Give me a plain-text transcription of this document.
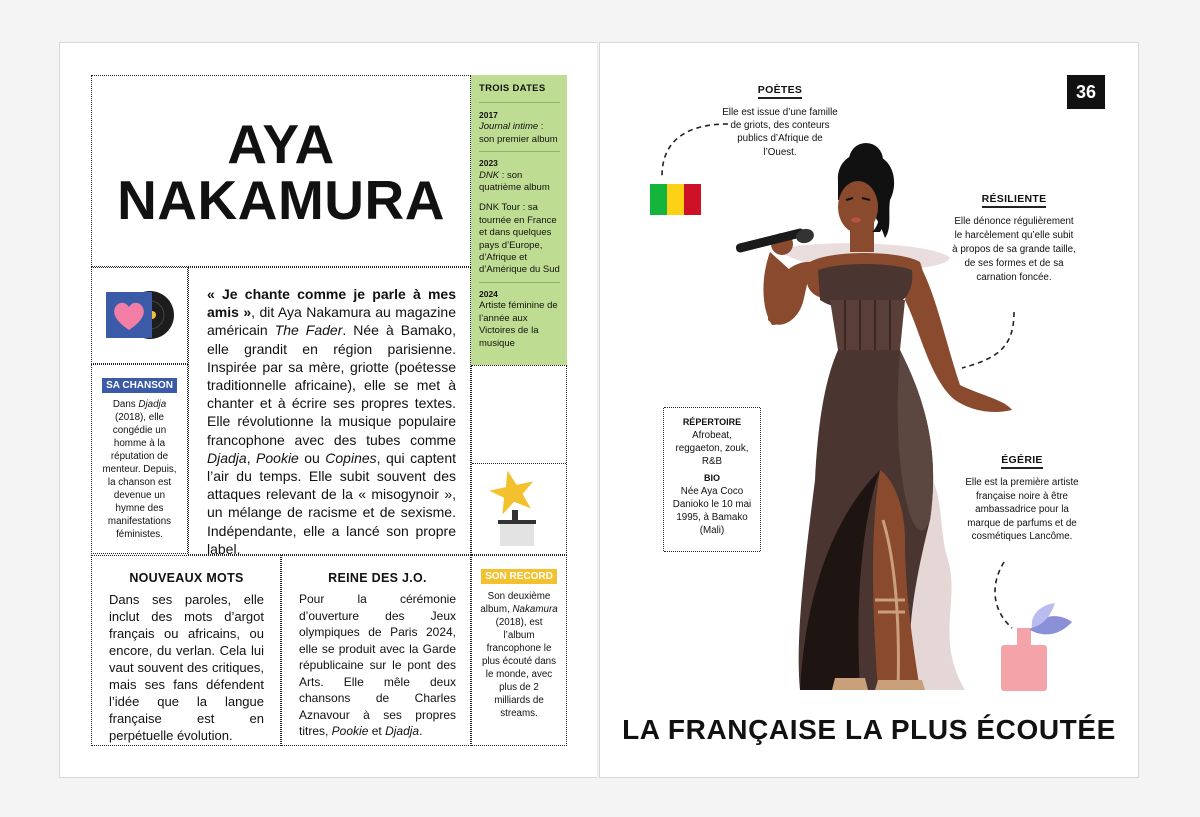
AYA
NAKAMURA
TROIS DATES
2017
Journal intime : son premier album
2023
DNK : son quatrième album
DNK Tour : sa tournée en France et dans quelques pays d’Europe, d’Afrique et d’Amérique du Sud
2024
Artiste féminine de l’année aux Victoires de la musique
SON RECORD
Son deuxième album, Nakamura (2018), est l’album francophone le plus écouté dans le monde, avec plus de 2 milliards de streams.
SA CHANSON
Dans Djadja (2018), elle congédie un homme à la réputation de menteur. Depuis, la chanson est devenue un hymne des manifestations féministes.

« Je chante comme je parle à mes amis », dit Aya Nakamura au magazine américain The Fader. Née à Bamako, elle grandit en région parisienne. Inspirée par sa mère, griotte (poétesse traditionnelle africaine), elle se met à chanter et à écrire ses propres textes. Elle révolutionne la musique populaire francophone avec des tubes comme Djadja, Pookie ou Copines, qui captent l’air du temps. Elle subit souvent des attaques relevant de la « misogynoir », un mélange de racisme et de sexisme. Indépendante, elle a lancé son propre label.

NOUVEAUX MOTS

Dans ses paroles, elle inclut des mots d’argot français ou africains, ou encore, du verlan. Cela lui vaut souvent des critiques, mais ses fans défendent l’idée que la langue française est en perpétuelle évolution.

REINE DES J.O.

Pour la cérémonie d’ouverture des Jeux olympiques de Paris 2024, elle se produit avec la Garde républicaine sur le pont des Arts. Elle mêle deux chansons de Charles Aznavour à ses propres titres, Pookie et Djadja.

36
POÈTES
Elle est issue d’une famille de griots, des conteurs publics d’Afrique de l’Ouest.
RÉSILIENTE
Elle dénonce régulièrement le harcèlement qu’elle subit à propos de sa grande taille, de ses formes et de sa carnation foncée.
ÉGÉRIE
Elle est la première artiste française noire à être ambassadrice pour la marque de parfums et de cosmétiques Lancôme.
RÉPERTOIRE
Afrobeat, reggaeton, zouk, R&B
BIO
Née Aya Coco Danioko le 10 mai 1995, à Bamako (Mali)
LA FRANÇAISE LA PLUS ÉCOUTÉE
